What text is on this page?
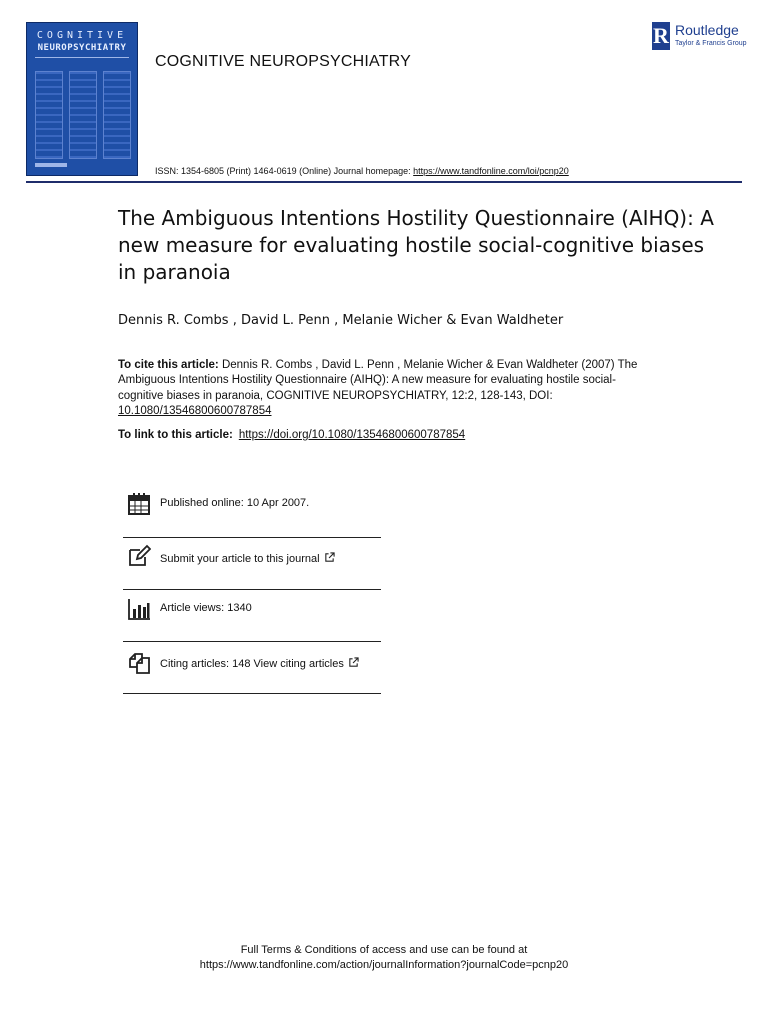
COGNITIVE
NEUROPSYCHIATRY
COGNITIVE NEUROPSYCHIATRY
R Routledge
Taylor & Francis Group
ISSN: 1354-6805 (Print) 1464-0619 (Online) Journal homepage: https://www.tandfonline.com/loi/pcnp20
The Ambiguous Intentions Hostility Questionnaire (AIHQ): A new measure for evaluating hostile social-cognitive biases in paranoia
Dennis R. Combs , David L. Penn , Melanie Wicher & Evan Waldheter
To cite this article: Dennis R. Combs , David L. Penn , Melanie Wicher & Evan Waldheter (2007) The Ambiguous Intentions Hostility Questionnaire (AIHQ): A new measure for evaluating hostile social-cognitive biases in paranoia, COGNITIVE NEUROPSYCHIATRY, 12:2, 128-143, DOI: 10.1080/13546800600787854
To link to this article: https://doi.org/10.1080/13546800600787854
Published online: 10 Apr 2007.
Submit your article to this journal
Article views: 1340
Citing articles: 148 View citing articles
Full Terms & Conditions of access and use can be found at
https://www.tandfonline.com/action/journalInformation?journalCode=pcnp20
